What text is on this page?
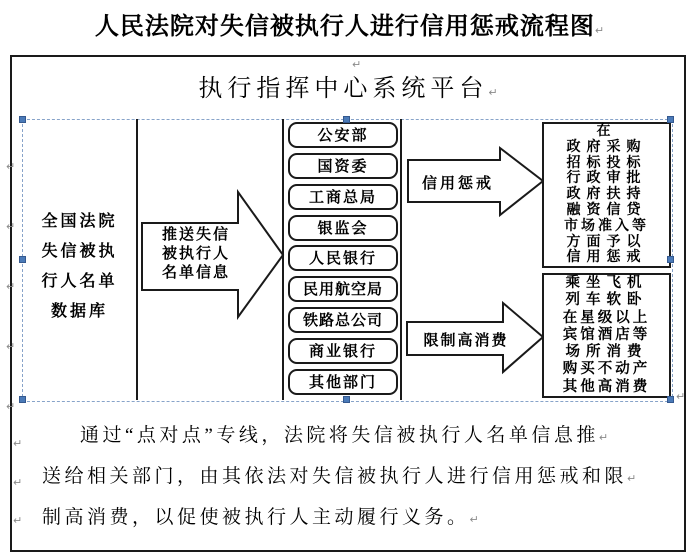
人民法院对失信被执行人进行信用惩戒流程图↵
执行指挥中心系统平台↵
↵
全国法院
失信被执
行人名单
数据库
推送失信
被执行人
名单信息
信用惩戒
限制高消费
公安部
国资委
工商总局
银监会
人民银行
民用航空局
铁路总公司
商业银行
其他部门
在
政府采购
招标投标
行政审批
政府扶持
融资信贷
市场准入等
方面予以
信用惩戒
乘坐飞机
列车软卧
在星级以上
宾馆酒店等
场所消费
购买不动产
其他高消费
↵
↵
↵
↵
↵
↵
↵
↵
↵
通过“点对点”专线，法院将失信被执行人名单信息推↵
送给相关部门，由其依法对失信被执行人进行信用惩戒和限↵
制高消费，以促使被执行人主动履行义务。↵
